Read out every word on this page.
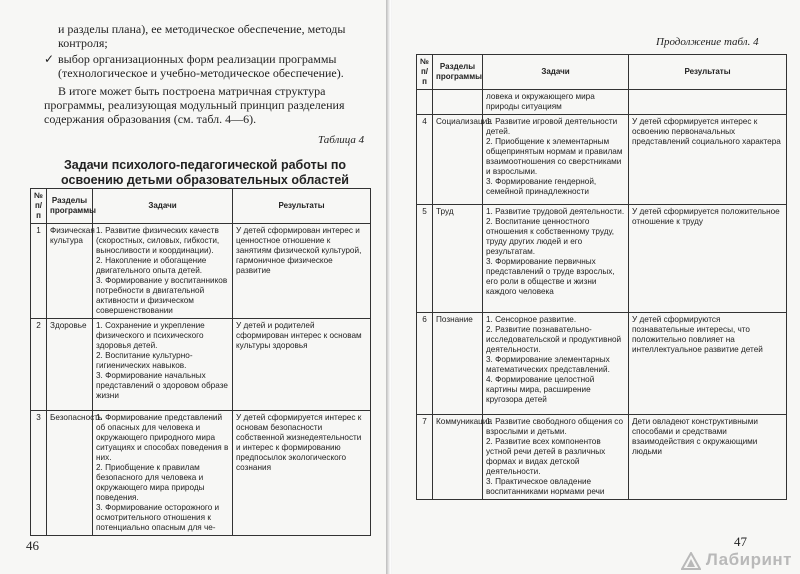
и разделы плана), ее методическое обеспечение, методы контроля;
✓ выбор организационных форм реализации программы (технологическое и учебно-методическое обеспечение).
В итоге может быть построена матричная структура программы, реализующая модульный принцип разделения содержания образования (см. табл. 4—6).
Таблица 4
Задачи психолого-педагогической работы по освоению детьми образовательных областей
№ п/п	Разделы программы	Задачи	Результаты
1	Физическая культура	1. Развитие физических качеств (скоростных, силовых, гибкости, выносливости и координации).
2. Накопление и обогащение двигательного опыта детей.
3. Формирование у воспитанников потребности в двигательной активности и физическом совершенствовании	У детей сформирован интерес и ценностное отношение к занятиям физической культурой, гармоничное физическое развитие
2	Здоровье	1. Сохранение и укрепление физического и психического здоровья детей.
2. Воспитание культурно-гигиенических навыков.
3. Формирование начальных представлений о здоровом образе жизни	У детей и родителей сформирован интерес к основам культуры здоровья
3	Безопасность	1. Формирование представлений об опасных для человека и окружающего природного мира ситуациях и способах поведения в них.
2. Приобщение к правилам безопасного для человека и окружающего мира природы поведения.
3. Формирование осторожного и осмотрительного отношения к потенциально опасным для че-	У детей сформируется интерес к основам безопасности собственной жизнедеятельности и интерес к формированию предпосылок экологического сознания
46
Продолжение табл. 4
№ п/п	Разделы программы	Задачи	Результаты
		ловека и окружающего мира природы ситуациям	
4	Социализация	1. Развитие игровой деятельности детей.
2. Приобщение к элементарным общепринятым нормам и правилам взаимоотношения со сверстниками и взрослыми.
3. Формирование гендерной, семейной принадлежности	У детей сформируется интерес к освоению первоначальных представлений социального характера
5	Труд	1. Развитие трудовой деятельности.
2. Воспитание ценностного отношения к собственному труду, труду других людей и его результатам.
3. Формирование первичных представлений о труде взрослых, его роли в обществе и жизни каждого человека	У детей сформируется положительное отношение к труду
6	Познание	1. Сенсорное развитие.
2. Развитие познавательно-исследовательской и продуктивной деятельности.
3. Формирование элементарных математических представлений.
4. Формирование целостной картины мира, расширение кругозора детей	У детей сформируются познавательные интересы, что положительно повлияет на интеллектуальное развитие детей
7	Коммуникация	1. Развитие свободного общения со взрослыми и детьми.
2. Развитие всех компонентов устной речи детей в различных формах и видах детской деятельности.
3. Практическое овладение воспитанниками нормами речи	Дети овладеют конструктивными способами и средствами взаимодействия с окружающими людьми
47
Лабиринт
